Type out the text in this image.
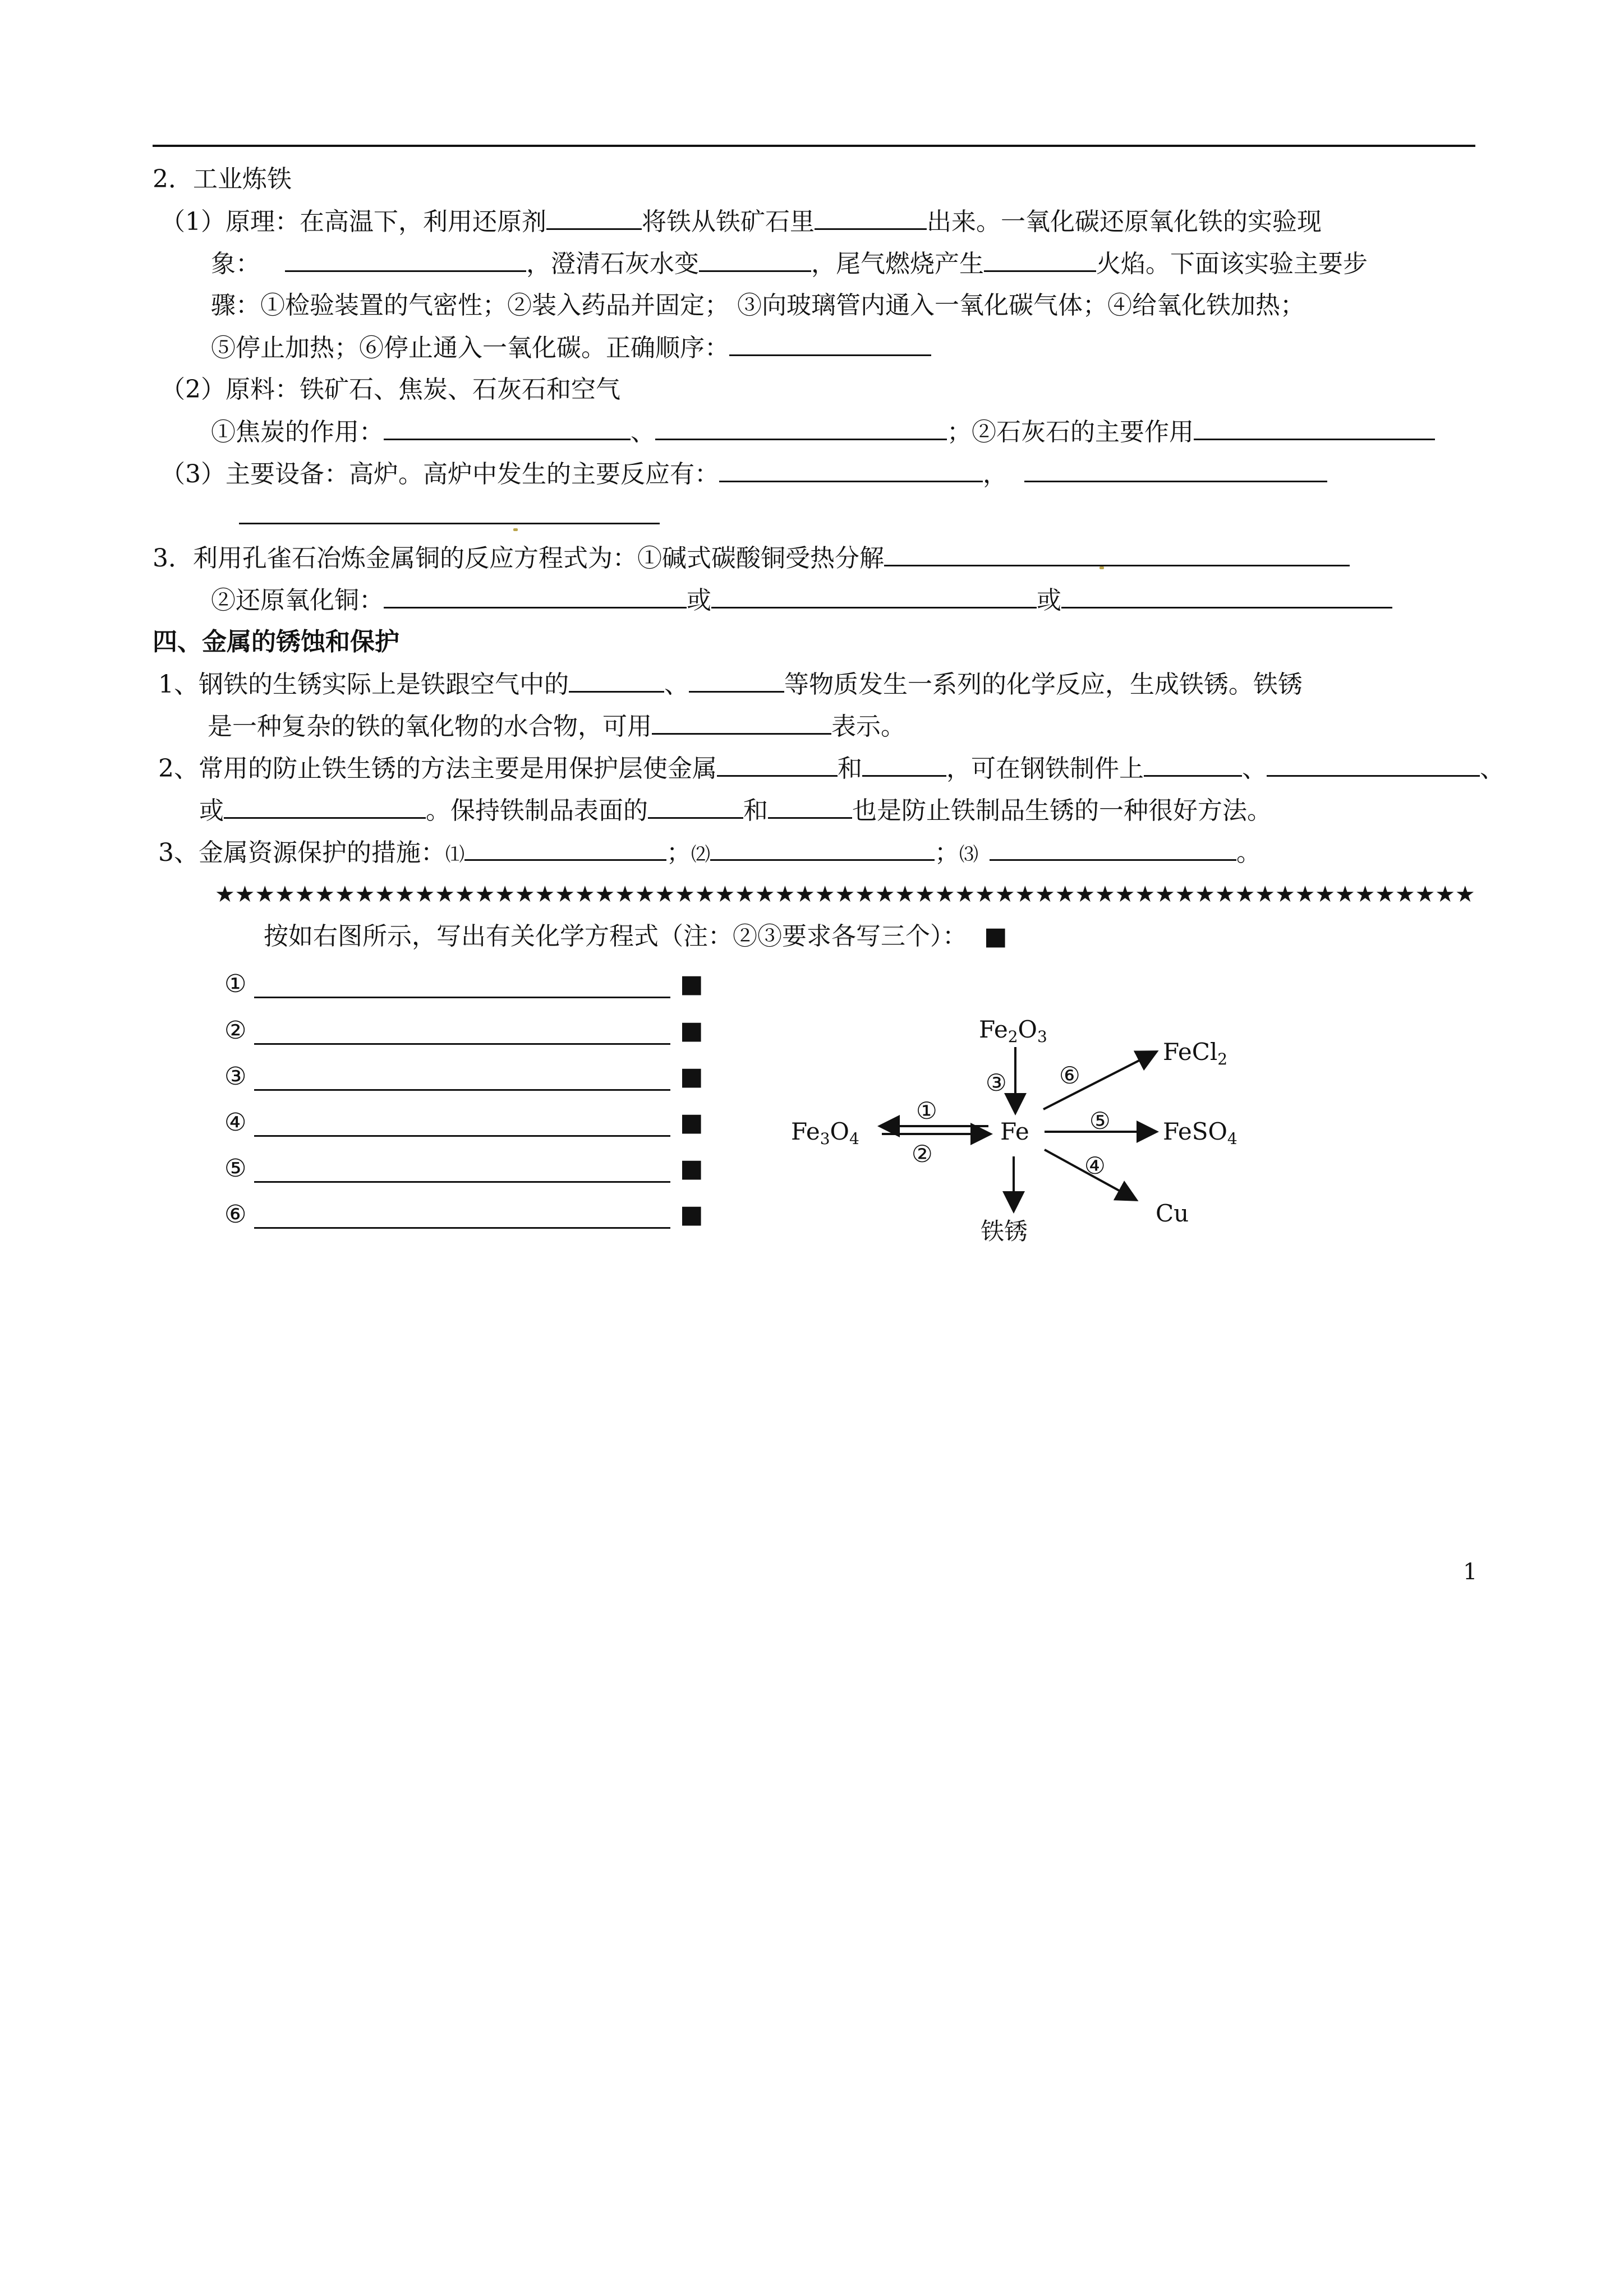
2．工业炼铁
（1）原理：在高温下，利用还原剂	将铁从铁矿石里	出来。一氧化碳还原氧化铁的实验现
象：	，澄清石灰水变	，尾气燃烧产生	火焰。下面该实验主要步
骤：①检验装置的气密性；②装入药品并固定； ③向玻璃管内通入一氧化碳气体；④给氧化铁加热；
⑤停止加热；⑥停止通入一氧化碳。正确顺序：
（2）原料：铁矿石、焦炭、石灰石和空气
①焦炭的作用：	、	；②石灰石的主要作用
（3）主要设备：高炉。高炉中发生的主要反应有：	，
3．利用孔雀石冶炼金属铜的反应方程式为：①碱式碳酸铜受热分解
②还原氧化铜：	或	或
四、金属的锈蚀和保护
1、钢铁的生锈实际上是铁跟空气中的	、	等物质发生一系列的化学反应，生成铁锈。铁锈
是一种复杂的铁的氧化物的水合物，可用	表示。
2、常用的防止铁生锈的方法主要是用保护层使金属	和	，可在钢铁制件上	、	、
或	。保持铁制品表面的	和	也是防止铁制品生锈的一种很好方法。
3、金属资源保护的措施：⑴	；⑵	；⑶	。
★★★★★★★★★★★★★★★★★★★★★★★★★★★★★★★★★★★★★★★★★★★★★★★★★★★★★★★★★★★★★★★
按如右图所示，写出有关化学方程式（注：②③要求各写三个）： ■
①	■
②	■
③	■
④	■
⑤	■
⑥	■
Fe
Fe3O4
Fe2O3
FeCl2
FeSO4
Cu
铁锈
①
②
③
④
⑤
⑥
1
